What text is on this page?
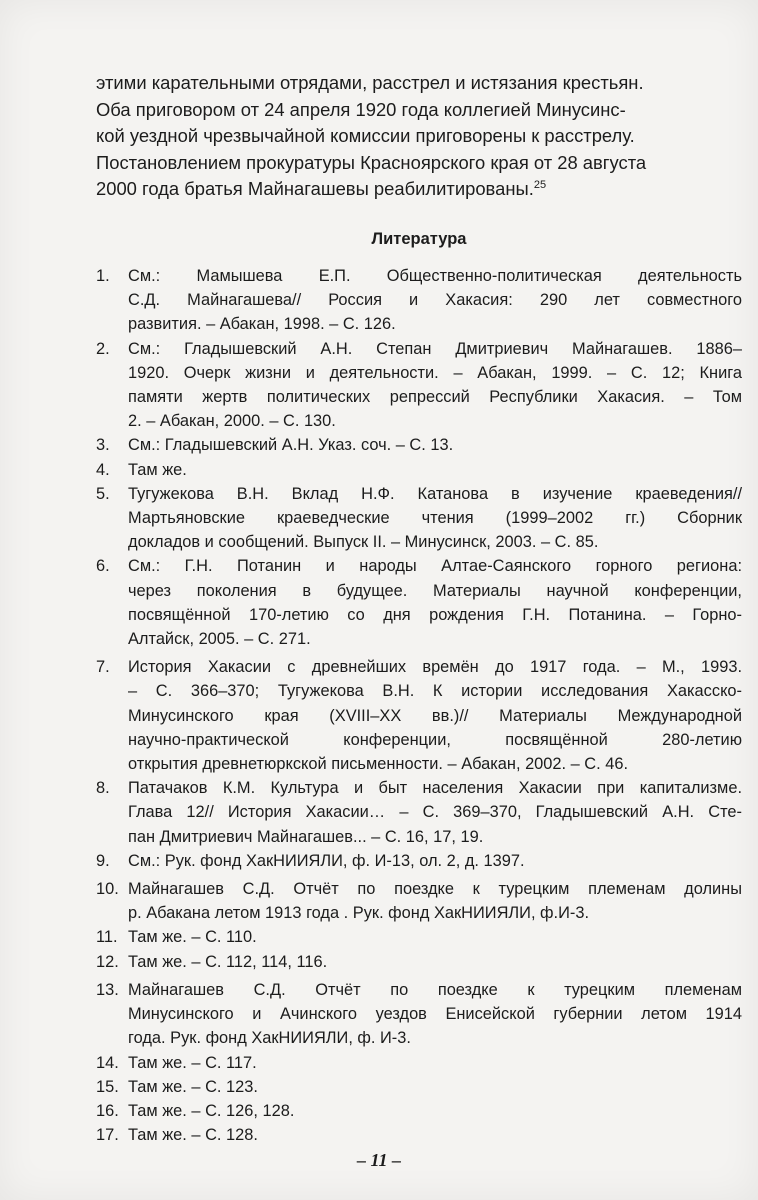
этими карательными отрядами, расстрел и истязания крестьян.
Оба приговором от 24 апреля 1920 года коллегией Минусинс-
кой уездной чрезвычайной комиссии приговорены к расстрелу.
Постановлением прокуратуры Красноярского края от 28 августа
2000 года братья Майнагашевы реабилитированы.$^{25}$
Литература
1. См.: Мамышева Е.П. Общественно-политическая деятельность
С.Д. Майнагашева// Россия и Хакасия: 290 лет совместного
развития. – Абакан, 1998. – С. 126.
2. См.: Гладышевский А.Н. Степан Дмитриевич Майнагашев. 1886–
1920. Очерк жизни и деятельности. – Абакан, 1999. – С. 12; Книга
памяти жертв политических репрессий Республики Хакасия. – Том
2. – Абакан, 2000. – С. 130.
3. См.: Гладышевский А.Н. Указ. соч. – С. 13.
4. Там же.
5. Тугужекова В.Н. Вклад Н.Ф. Катанова в изучение краеведения//
Мартьяновские краеведческие чтения (1999–2002 гг.) Сборник
докладов и сообщений. Выпуск II. – Минусинск, 2003. – С. 85.
6. См.: Г.Н. Потанин и народы Алтае-Саянского горного региона:
через поколения в будущее. Материалы научной конференции,
посвящённой 170-летию со дня рождения Г.Н. Потанина. – Горно-
Алтайск, 2005. – С. 271.
7. История Хакасии с древнейших времён до 1917 года. – М., 1993.
– С. 366–370; Тугужекова В.Н. К истории исследования Хакасско-
Минусинского края (XVIII–XX вв.)// Материалы Международной
научно-практической конференции, посвящённой 280-летию
открытия древнетюркской письменности. – Абакан, 2002. – С. 46.
8. Патачаков К.М. Культура и быт населения Хакасии при капитализме.
Глава 12// История Хакасии… – С. 369–370, Гладышевский А.Н. Сте-
пан Дмитриевич Майнагашев... – С. 16, 17, 19.
9. См.: Рук. фонд ХакНИИЯЛИ, ф. И-13, ол. 2, д. 1397.
10. Майнагашев С.Д. Отчёт по поездке к турецким племенам долины
р. Абакана летом 1913 года . Рук. фонд ХакНИИЯЛИ, ф.И-3.
11. Там же. – С. 110.
12. Там же. – С. 112, 114, 116.
13. Майнагашев С.Д. Отчёт по поездке к турецким племенам
Минусинского и Ачинского уездов Енисейской губернии летом 1914
года. Рук. фонд ХакНИИЯЛИ, ф. И-3.
14. Там же. – С. 117.
15. Там же. – С. 123.
16. Там же. – С. 126, 128.
17. Там же. – С. 128.
– 11 –
